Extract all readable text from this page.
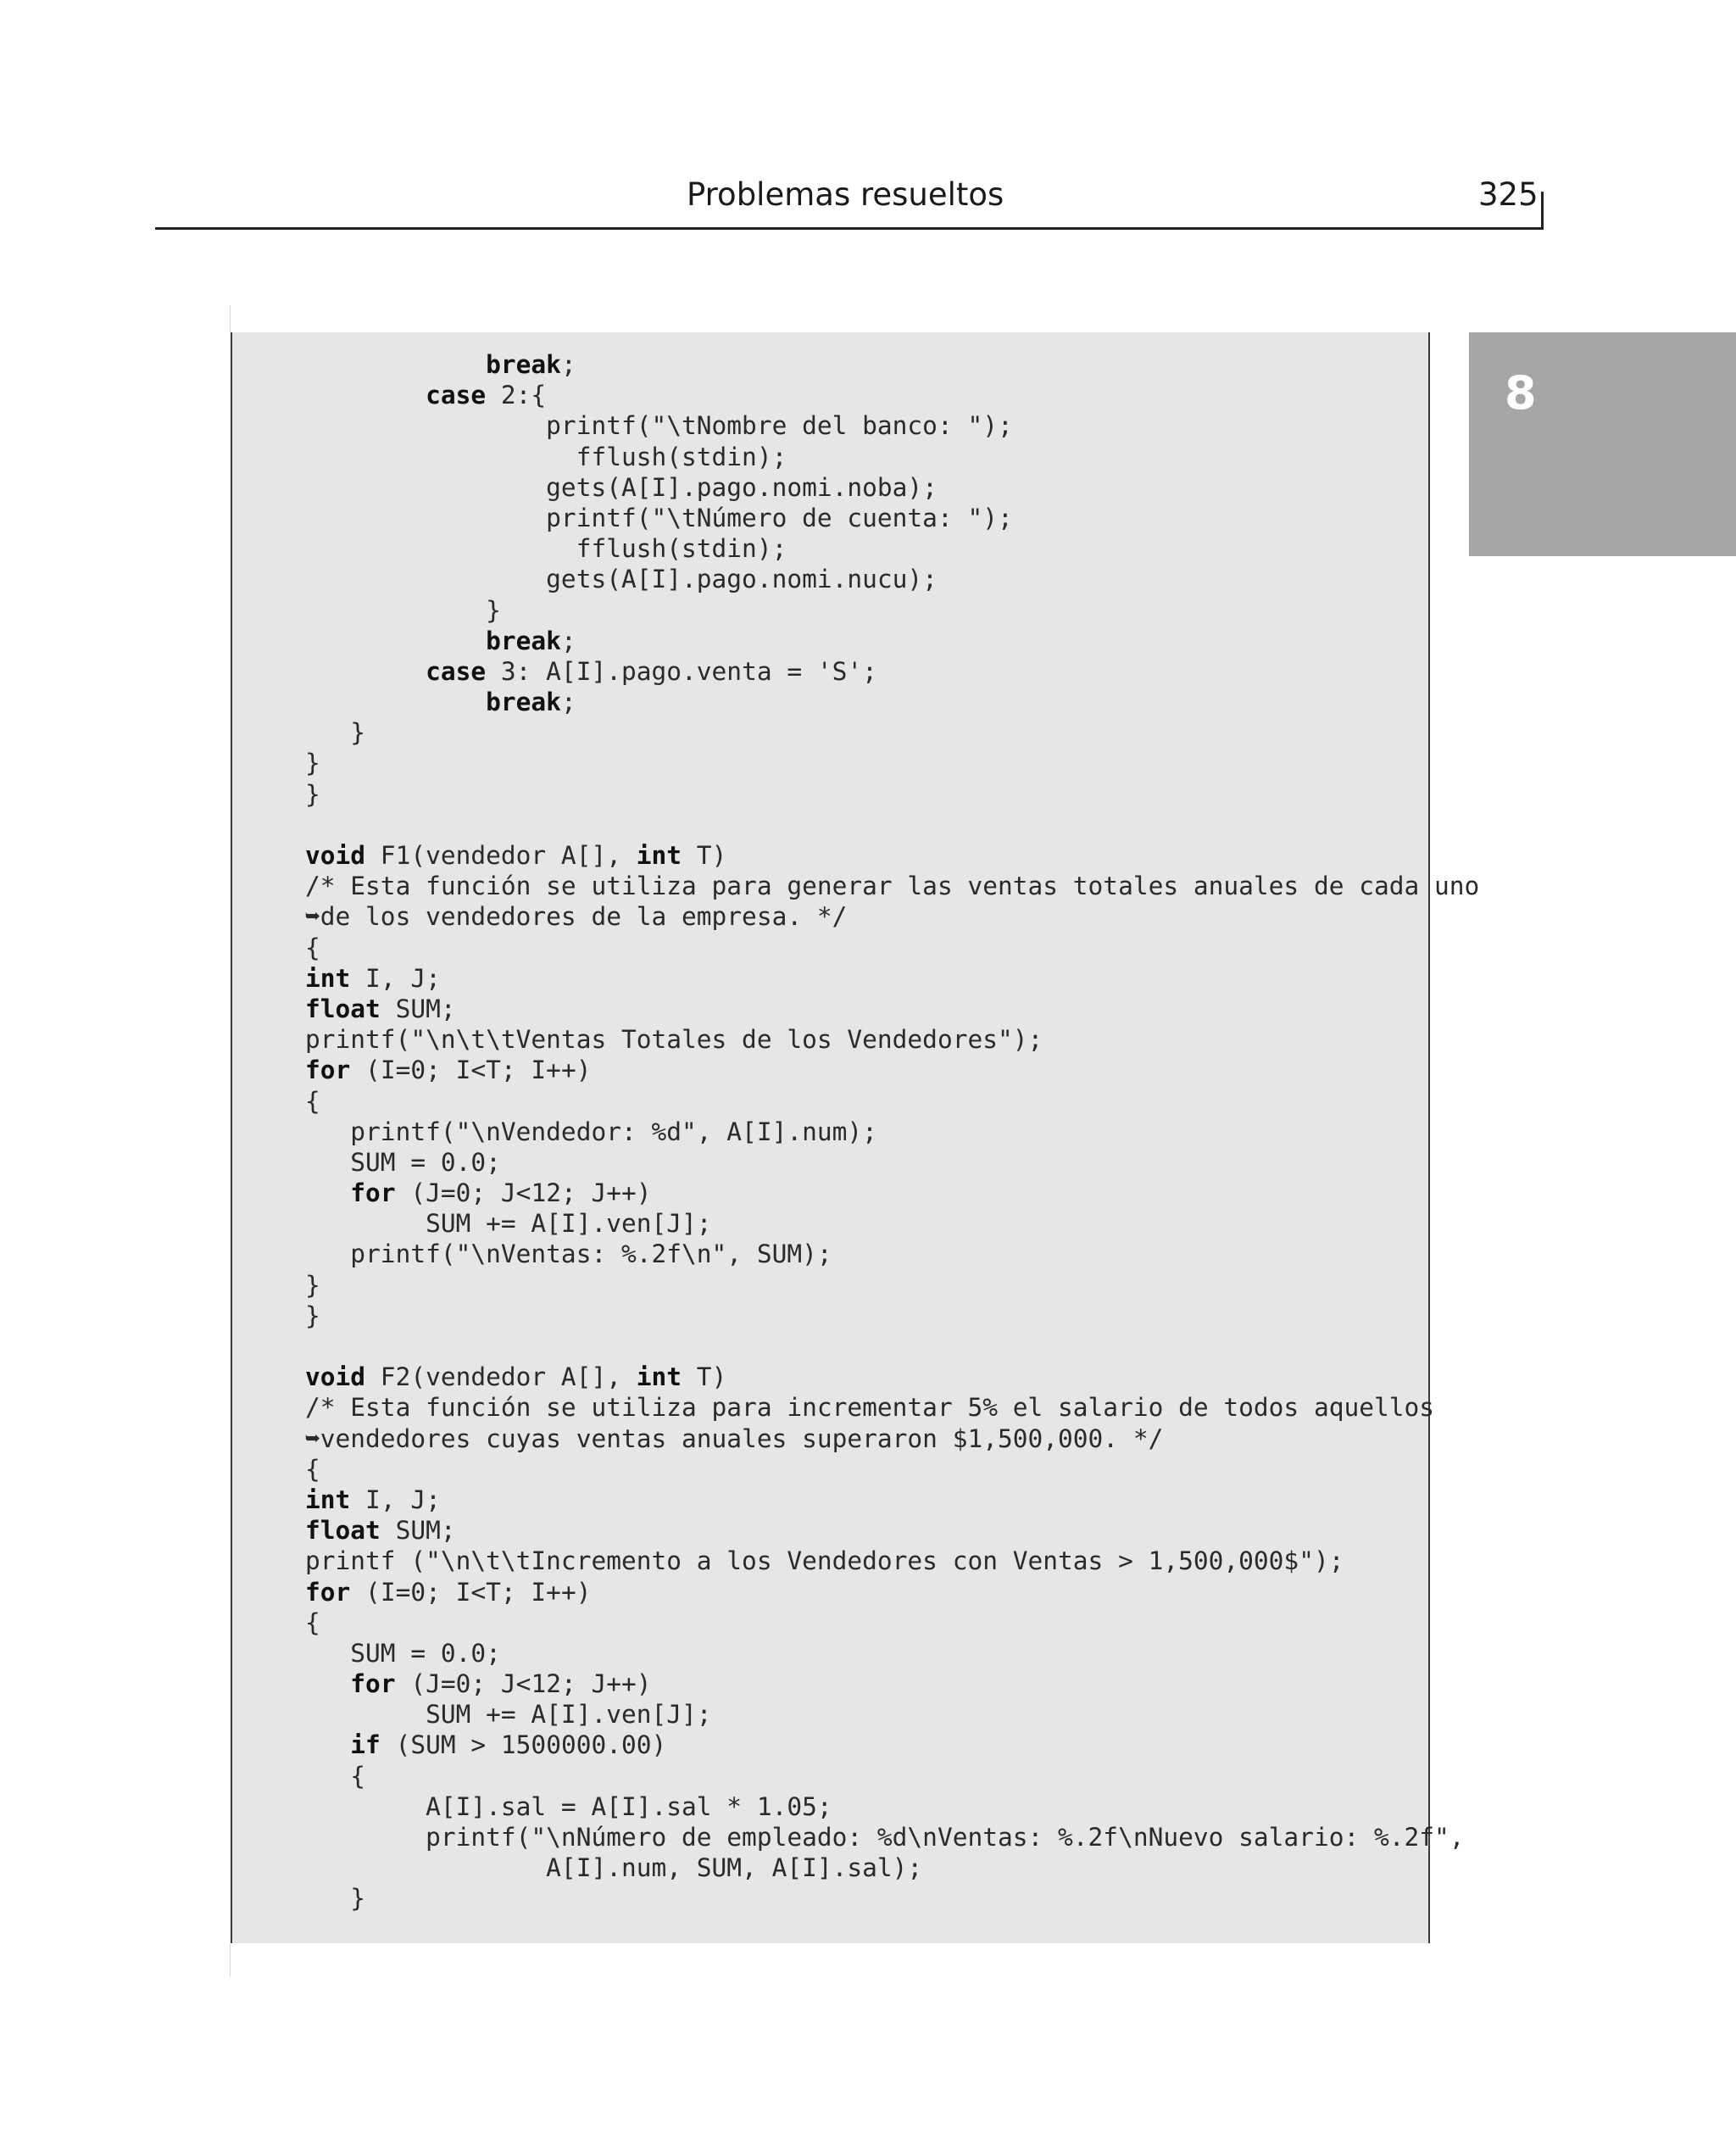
Problemas resueltos	325
8
break;
case 2:{
printf("\tNombre del banco: ");
fflush(stdin);
gets(A[I].pago.nomi.noba);
printf("\tNúmero de cuenta: ");
fflush(stdin);
gets(A[I].pago.nomi.nucu);
}
break;
case 3: A[I].pago.venta = 'S';
break;
}
}
}

void F1(vendedor A[], int T)
/* Esta función se utiliza para generar las ventas totales anuales de cada uno
➥de los vendedores de la empresa. */
{
int I, J;
float SUM;
printf("\n\t\tVentas Totales de los Vendedores");
for (I=0; I<T; I++)
{
printf("\nVendedor: %d", A[I].num);
SUM = 0.0;
for (J=0; J<12; J++)
SUM += A[I].ven[J];
printf("\nVentas: %.2f\n", SUM);
}
}

void F2(vendedor A[], int T)
/* Esta función se utiliza para incrementar 5% el salario de todos aquellos
➥vendedores cuyas ventas anuales superaron $1,500,000. */
{
int I, J;
float SUM;
printf ("\n\t\tIncremento a los Vendedores con Ventas > 1,500,000$");
for (I=0; I<T; I++)
{
SUM = 0.0;
for (J=0; J<12; J++)
SUM += A[I].ven[J];
if (SUM > 1500000.00)
{
A[I].sal = A[I].sal * 1.05;
printf("\nNúmero de empleado: %d\nVentas: %.2f\nNuevo salario: %.2f",
A[I].num, SUM, A[I].sal);
}
